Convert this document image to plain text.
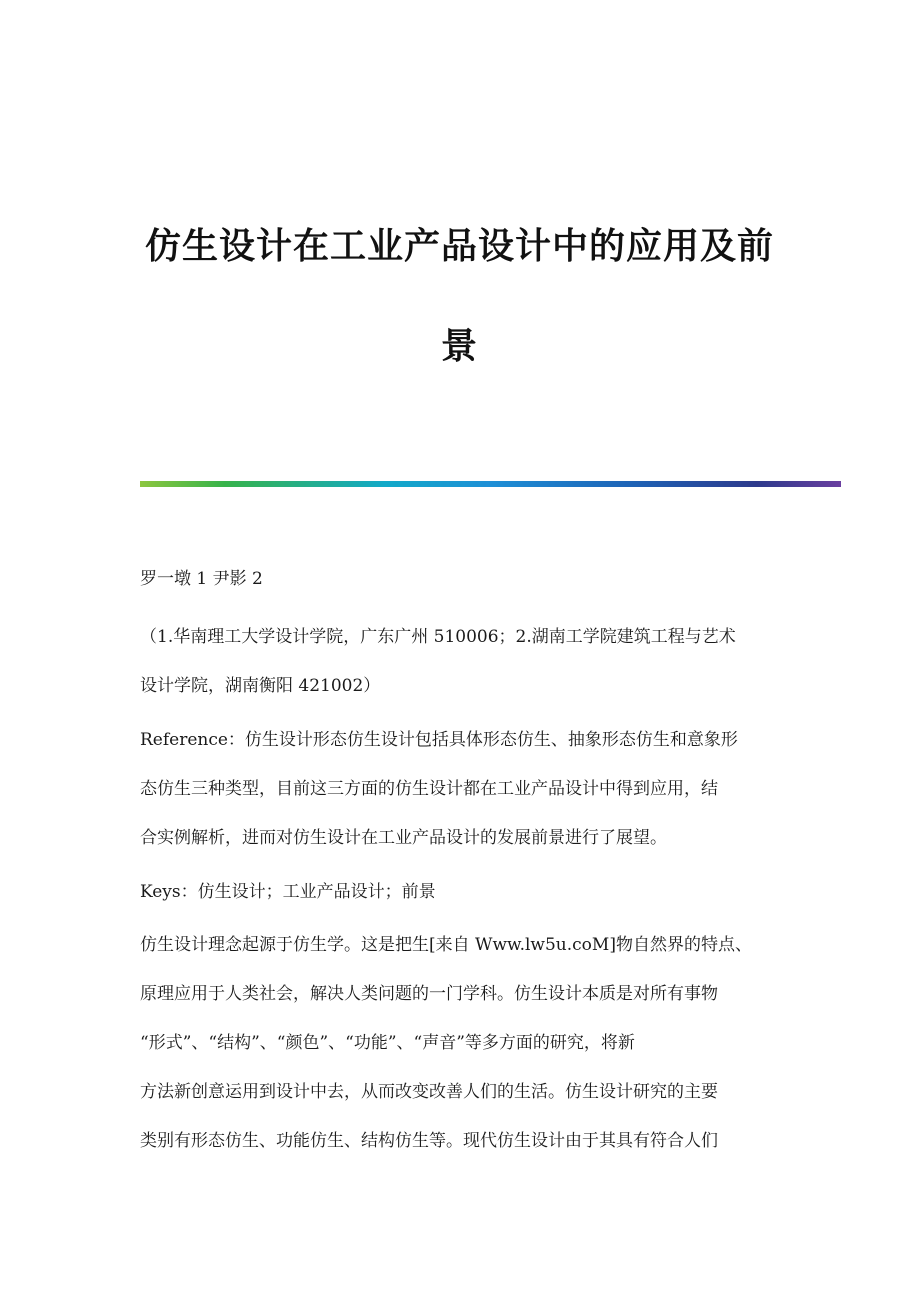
仿生设计在工业产品设计中的应用及前
景

罗一墩 1 尹影 2

（1.华南理工大学设计学院，广东广州 510006；2.湖南工学院建筑工程与艺术
设计学院，湖南衡阳 421002）

Reference：仿生设计形态仿生设计包括具体形态仿生、抽象形态仿生和意象形
态仿生三种类型，目前这三方面的仿生设计都在工业产品设计中得到应用，结
合实例解析，进而对仿生设计在工业产品设计的发展前景进行了展望。

Keys：仿生设计；工业产品设计；前景

仿生设计理念起源于仿生学。这是把生[来自 Www.lw5u.coM]物自然界的特点、
原理应用于人类社会，解决人类问题的一门学科。仿生设计本质是对所有事物
“形式”、“结构”、“颜色”、“功能”、“声音”等多方面的研究，将新
方法新创意运用到设计中去，从而改变改善人们的生活。仿生设计研究的主要
类别有形态仿生、功能仿生、结构仿生等。现代仿生设计由于其具有符合人们
